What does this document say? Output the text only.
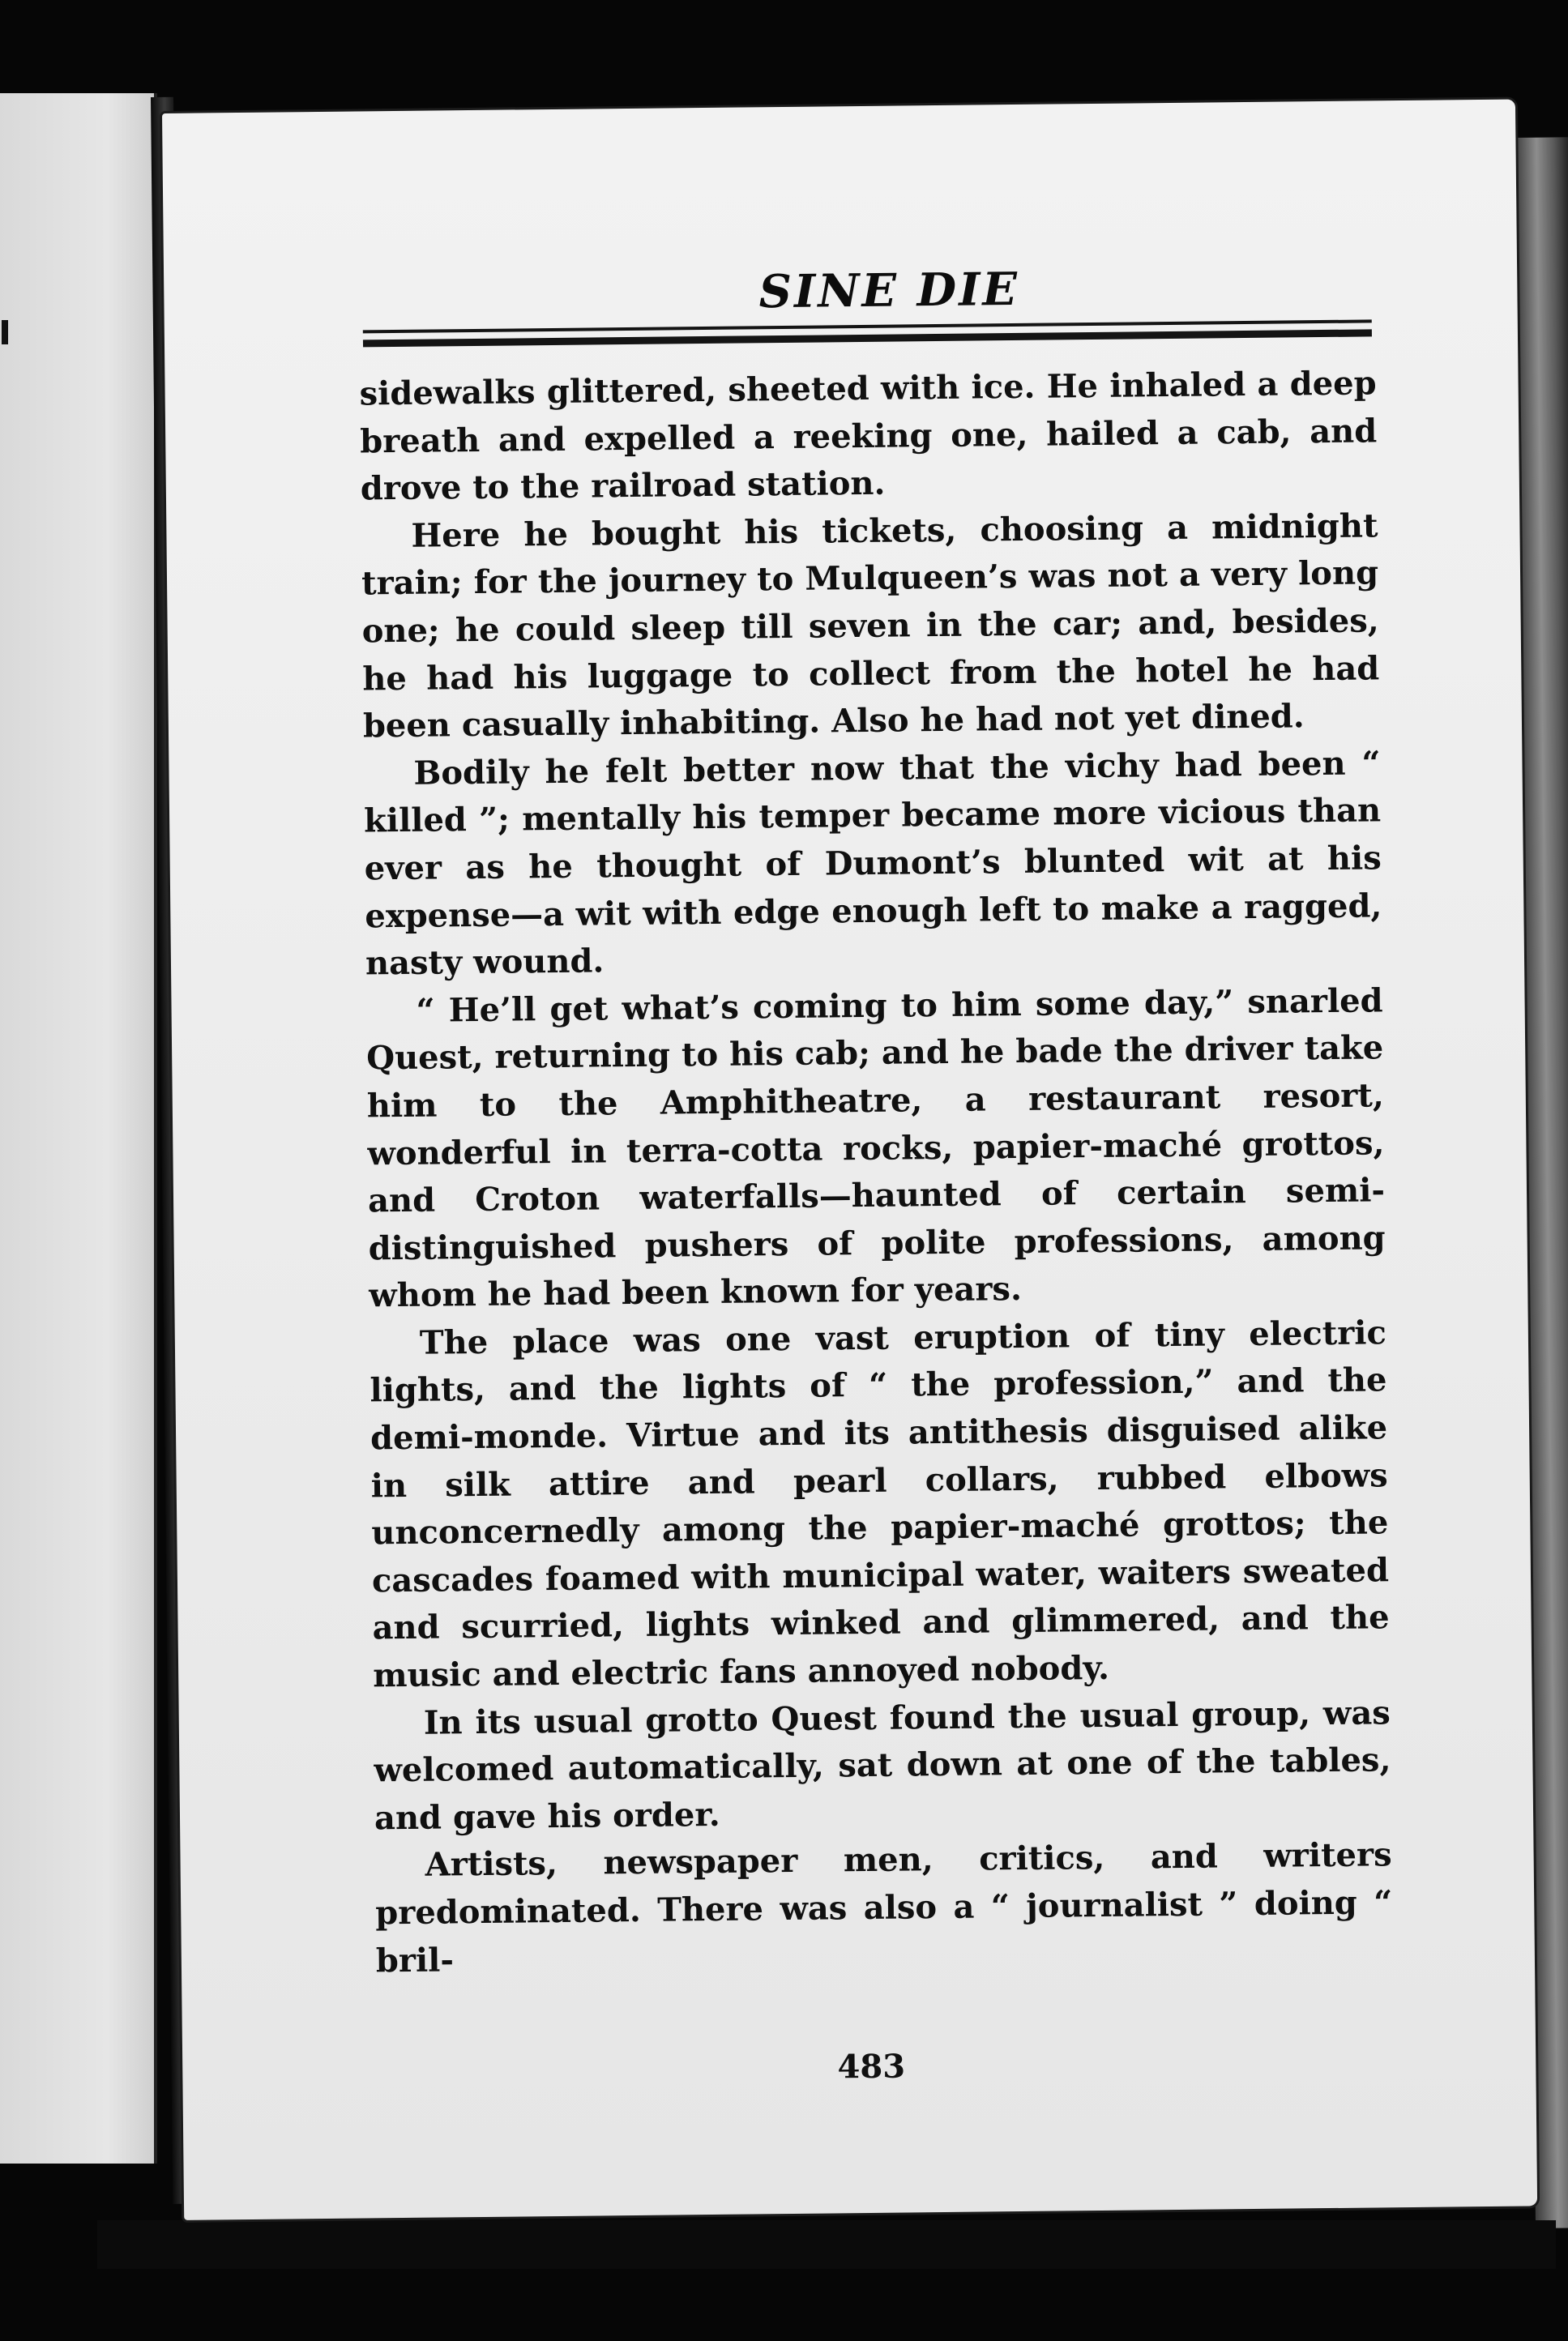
SINE DIE

sidewalks glittered, sheeted with ice. He inhaled a deep breath and expelled a reeking one, hailed a cab, and drove to the railroad station.

Here he bought his tickets, choosing a midnight train; for the journey to Mulqueen’s was not a very long one; he could sleep till seven in the car; and, besides, he had his luggage to collect from the hotel he had been casually inhabiting. Also he had not yet dined.

Bodily he felt better now that the vichy had been “ killed ”; mentally his temper became more vicious than ever as he thought of Dumont’s blunted wit at his expense—a wit with edge enough left to make a ragged, nasty wound.

“ He’ll get what’s coming to him some day,” snarled Quest, returning to his cab; and he bade the driver take him to the Amphitheatre, a restaurant resort, wonderful in terra-cotta rocks, papier-maché grottos, and Croton waterfalls—haunted of certain semi-distinguished pushers of polite professions, among whom he had been known for years.

The place was one vast eruption of tiny electric lights, and the lights of “ the profession,” and the demi-monde. Virtue and its antithesis disguised alike in silk attire and pearl collars, rubbed elbows unconcernedly among the papier-maché grottos; the cascades foamed with municipal water, waiters sweated and scurried, lights winked and glimmered, and the music and electric fans annoyed nobody.

In its usual grotto Quest found the usual group, was welcomed automatically, sat down at one of the tables, and gave his order.

Artists, newspaper men, critics, and writers predominated. There was also a “ journalist ” doing “ bril-

483
